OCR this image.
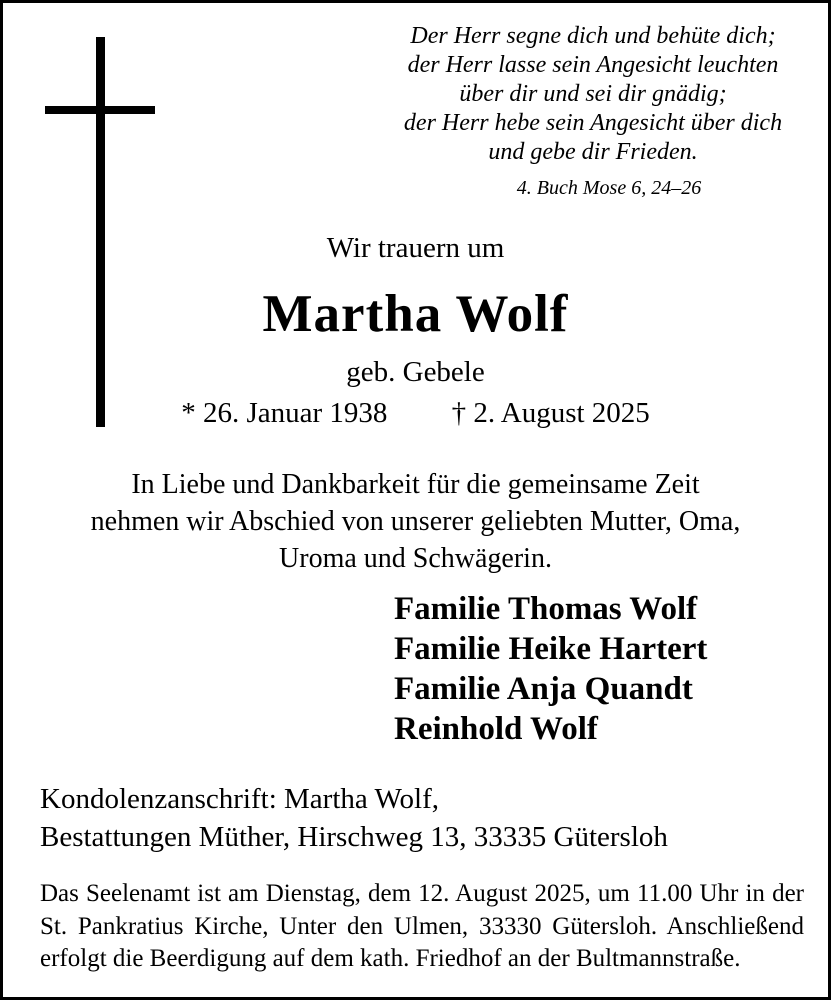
Der Herr segne dich und behüte dich;
der Herr lasse sein Angesicht leuchten
über dir und sei dir gnädig;
der Herr hebe sein Angesicht über dich
und gebe dir Frieden.
4. Buch Mose 6, 24–26
Wir trauern um
Martha Wolf
geb. Gebele
* 26. Januar 1938 † 2. August 2025
In Liebe und Dankbarkeit für die gemeinsame Zeit
nehmen wir Abschied von unserer geliebten Mutter, Oma,
Uroma und Schwägerin.
Familie Thomas Wolf
Familie Heike Hartert
Familie Anja Quandt
Reinhold Wolf
Kondolenzanschrift: Martha Wolf,
Bestattungen Müther, Hirschweg 13, 33335 Gütersloh
Das Seelenamt ist am Dienstag, dem 12. August 2025, um 11.00 Uhr in der
St. Pankratius Kirche, Unter den Ulmen, 33330 Gütersloh. Anschließend
erfolgt die Beerdigung auf dem kath. Friedhof an der Bultmannstraße.
